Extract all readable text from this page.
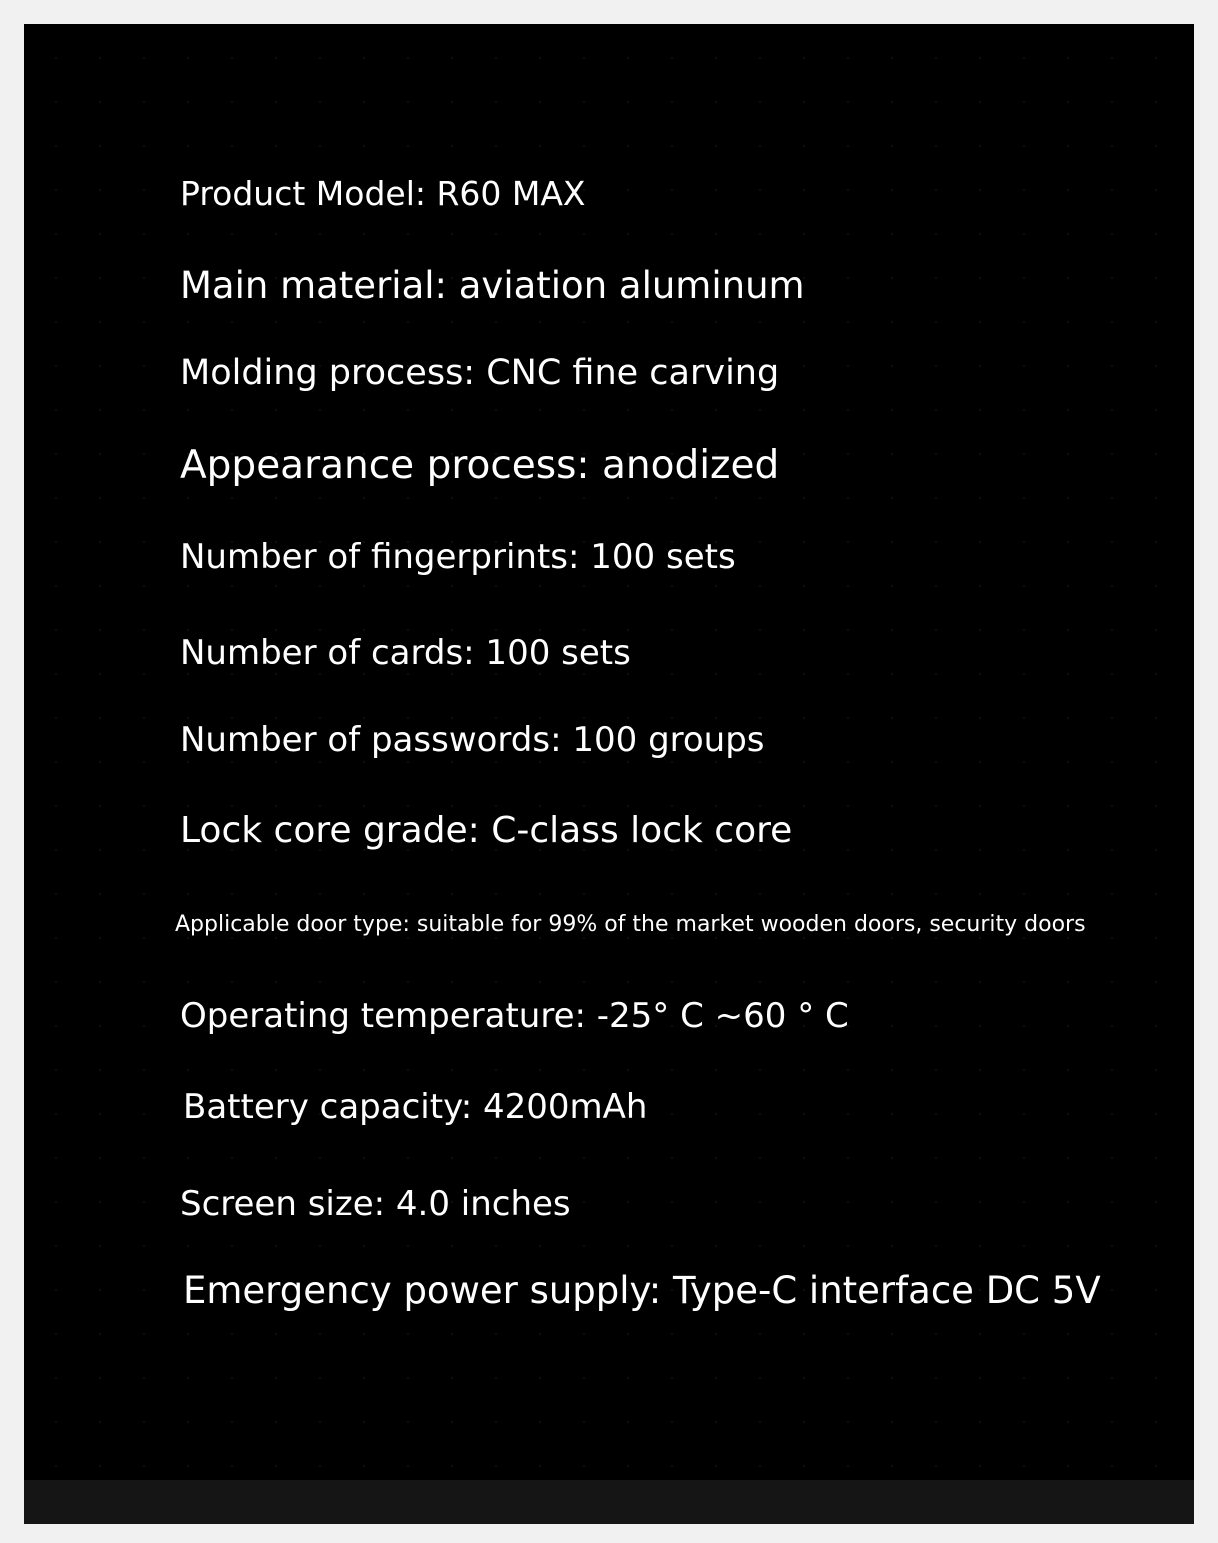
Product Model: R60 MAX

Main material: aviation aluminum

Molding process: CNC fine carving

Appearance process: anodized

Number of fingerprints: 100 sets

Number of cards: 100 sets

Number of passwords: 100 groups

Lock core grade: C-class lock core

Applicable door type: suitable for 99% of the market wooden doors, security doors

Operating temperature: -25° C ~60 ° C

Battery capacity: 4200mAh

Screen size: 4.0 inches

Emergency power supply: Type-C interface DC 5V
